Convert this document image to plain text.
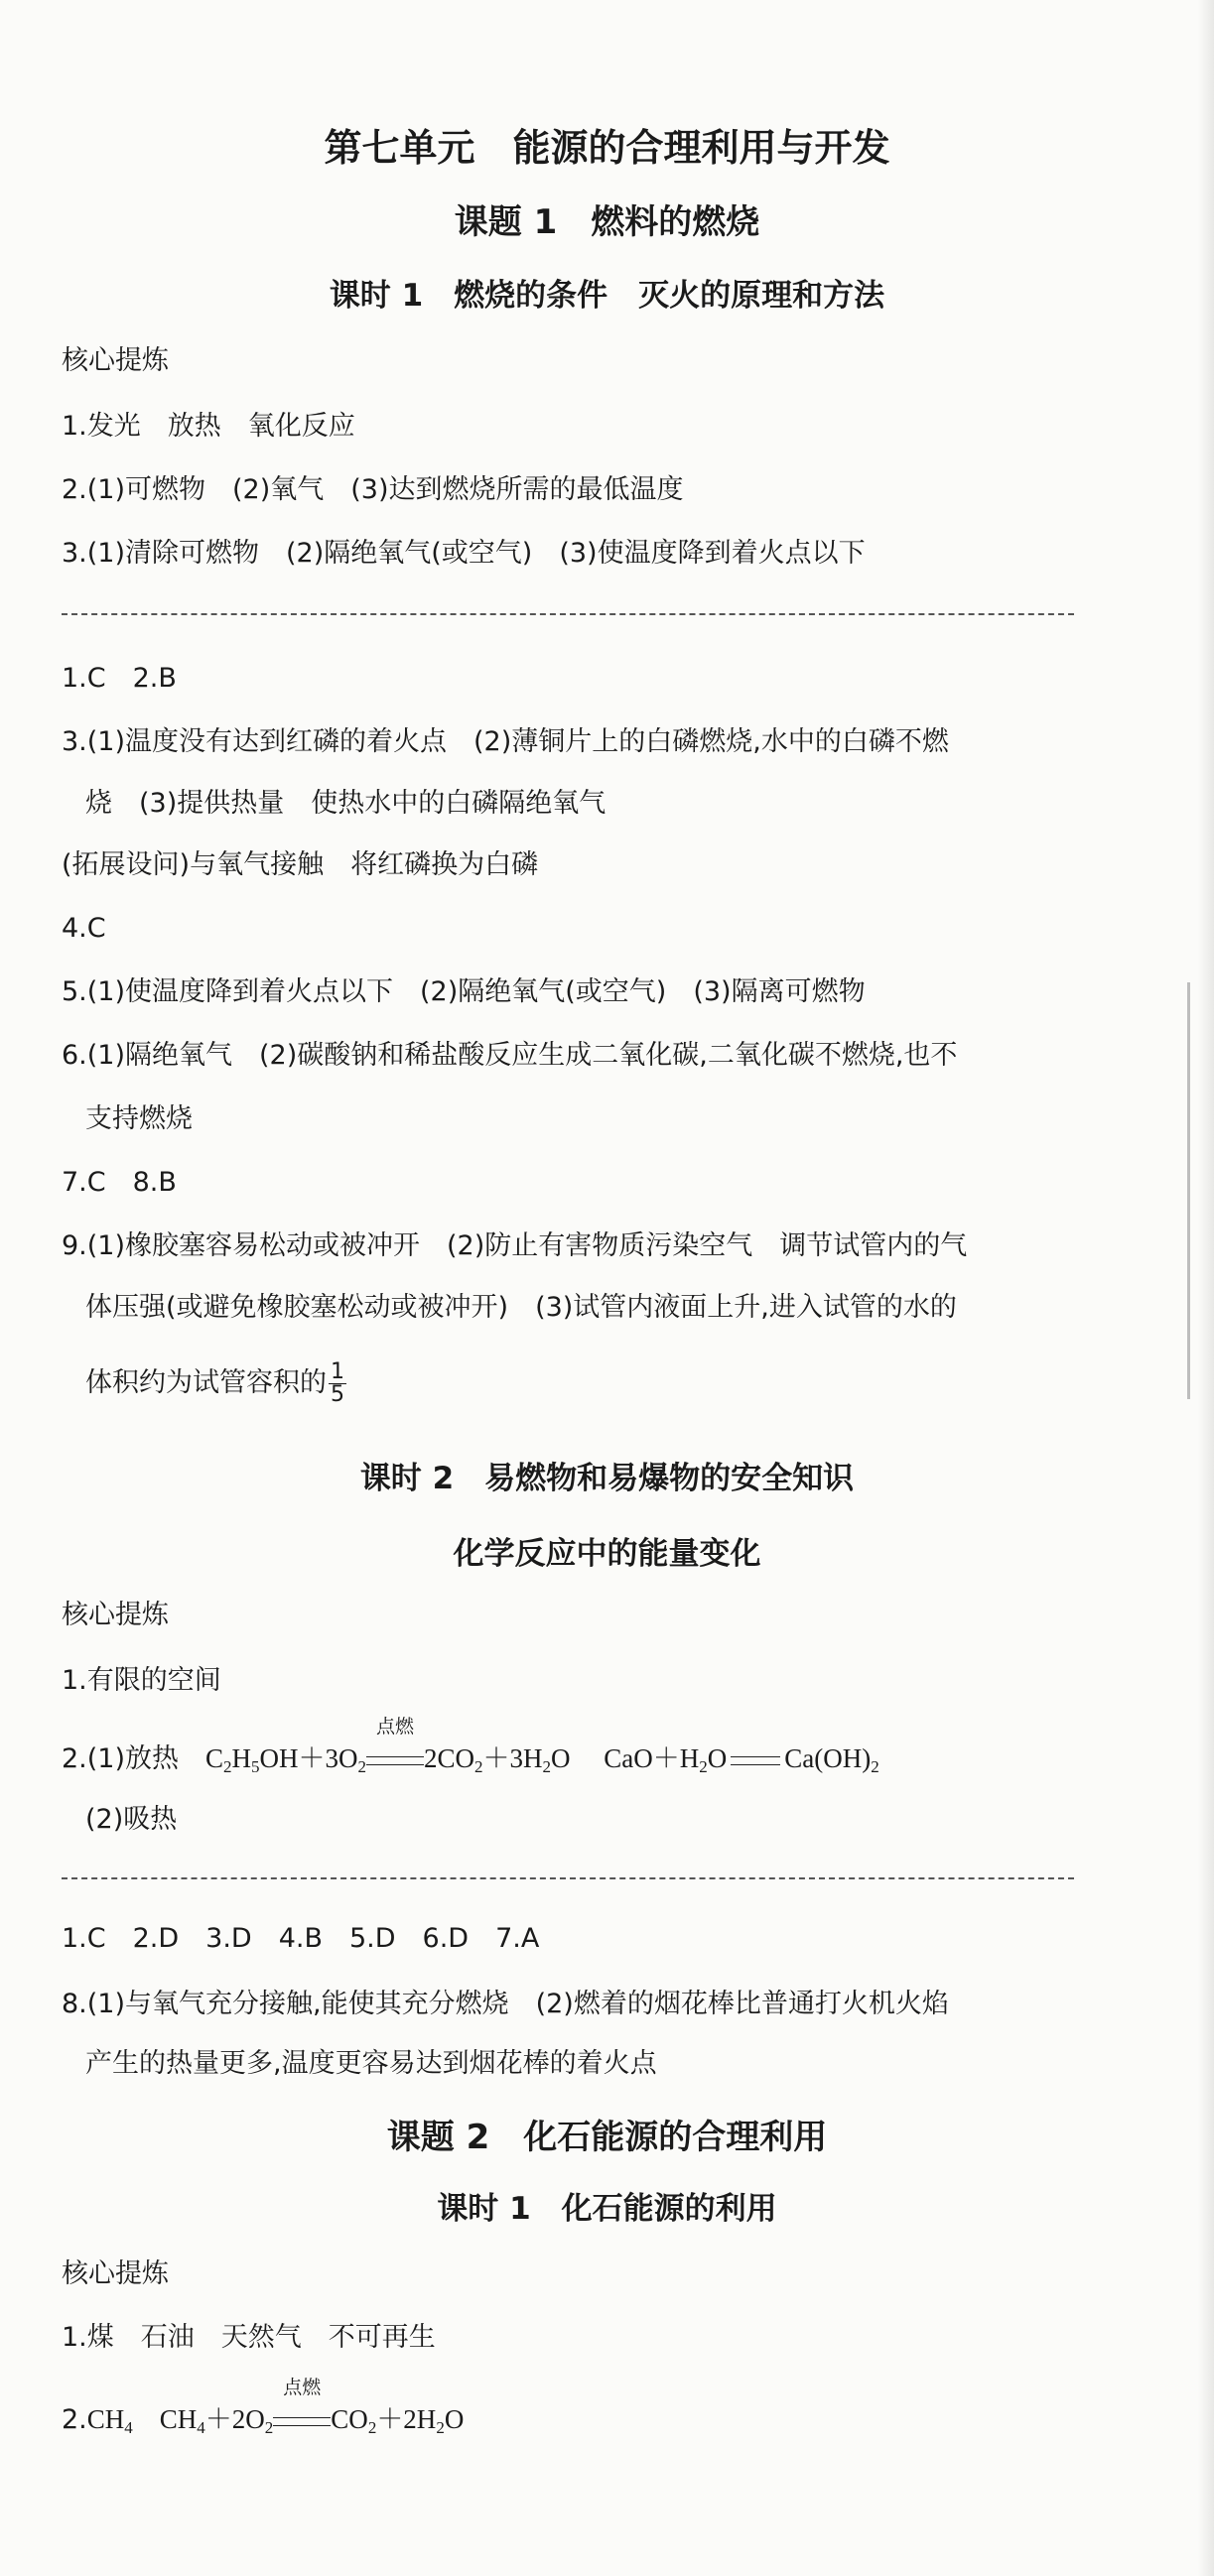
第七单元　能源的合理利用与开发
课题 1　燃料的燃烧
课时 1　燃烧的条件　灭火的原理和方法
核心提炼
1.发光　放热　氧化反应
2.(1)可燃物　(2)氧气　(3)达到燃烧所需的最低温度
3.(1)清除可燃物　(2)隔绝氧气(或空气)　(3)使温度降到着火点以下
1.C　2.B
3.(1)温度没有达到红磷的着火点　(2)薄铜片上的白磷燃烧,水中的白磷不燃
烧　(3)提供热量　使热水中的白磷隔绝氧气
(拓展设问)与氧气接触　将红磷换为白磷
4.C
5.(1)使温度降到着火点以下　(2)隔绝氧气(或空气)　(3)隔离可燃物
6.(1)隔绝氧气　(2)碳酸钠和稀盐酸反应生成二氧化碳,二氧化碳不燃烧,也不
支持燃烧
7.C　8.B
9.(1)橡胶塞容易松动或被冲开　(2)防止有害物质污染空气　调节试管内的气
体压强(或避免橡胶塞松动或被冲开)　(3)试管内液面上升,进入试管的水的
体积约为试管容积的 $\frac{1}{5}$
课时 2　易燃物和易爆物的安全知识
化学反应中的能量变化
核心提炼
1.有限的空间
2.(1)放热　$C_2H_5OH+3O_2$
点燃
$2CO_2+3H_2O$　 $CaO+H_2O$ $Ca(OH)_2$
(2)吸热
1.C　2.D　3.D　4.B　5.D　6.D　7.A
8.(1)与氧气充分接触,能使其充分燃烧　(2)燃着的烟花棒比普通打火机火焰
产生的热量更多,温度更容易达到烟花棒的着火点
课题 2　化石能源的合理利用
课时 1　化石能源的利用
核心提炼
1.煤　石油　天然气　不可再生
$2.CH_4$　$CH_4+2O_2$
点燃
$CO_2+2H_2O$
